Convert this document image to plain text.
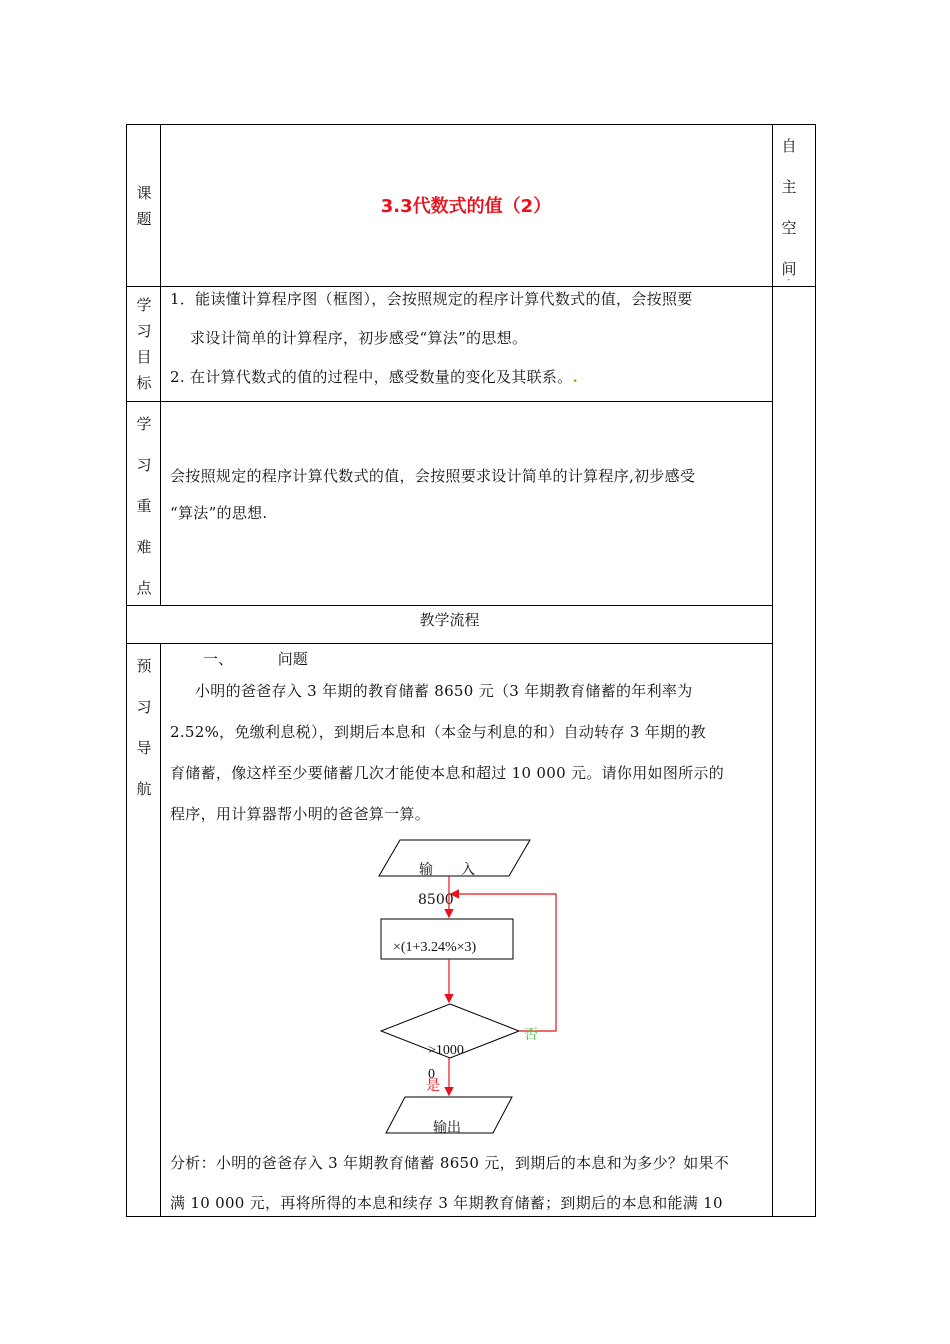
课
题
3.3代数式的值（2）
自
主
空
间
·
学
习
目
标
1．能读懂计算程序图（框图），会按照规定的程序计算代数式的值，会按照要
求设计简单的计算程序，初步感受“算法”的思想。
2. 在计算代数式的值的过程中，感受数量的变化及其联系。.
学
习
重
难
点
会按照规定的程序计算代数式的值，会按照要求设计简单的计算程序,初步感受
“算法”的思想.
教学流程
预
习
导
航
一、	问题
小明的爸爸存入 3 年期的教育储蓄 8650 元（3 年期教育储蓄的年利率为
2.52%，免缴利息税），到期后本息和（本金与利息的和）自动转存 3 年期的教
育储蓄，像这样至少要储蓄几次才能使本息和超过 10 000 元。请你用如图所示的
程序，用计算器帮小明的爸爸算一算。
输　　入
8500
×(1+3.24%×3)
>1000
0
否
是
输出
分析：小明的爸爸存入 3 年期教育储蓄 8650 元，到期后的本息和为多少？如果不
满 10 000 元，再将所得的本息和续存 3 年期教育储蓄；到期后的本息和能满 10
